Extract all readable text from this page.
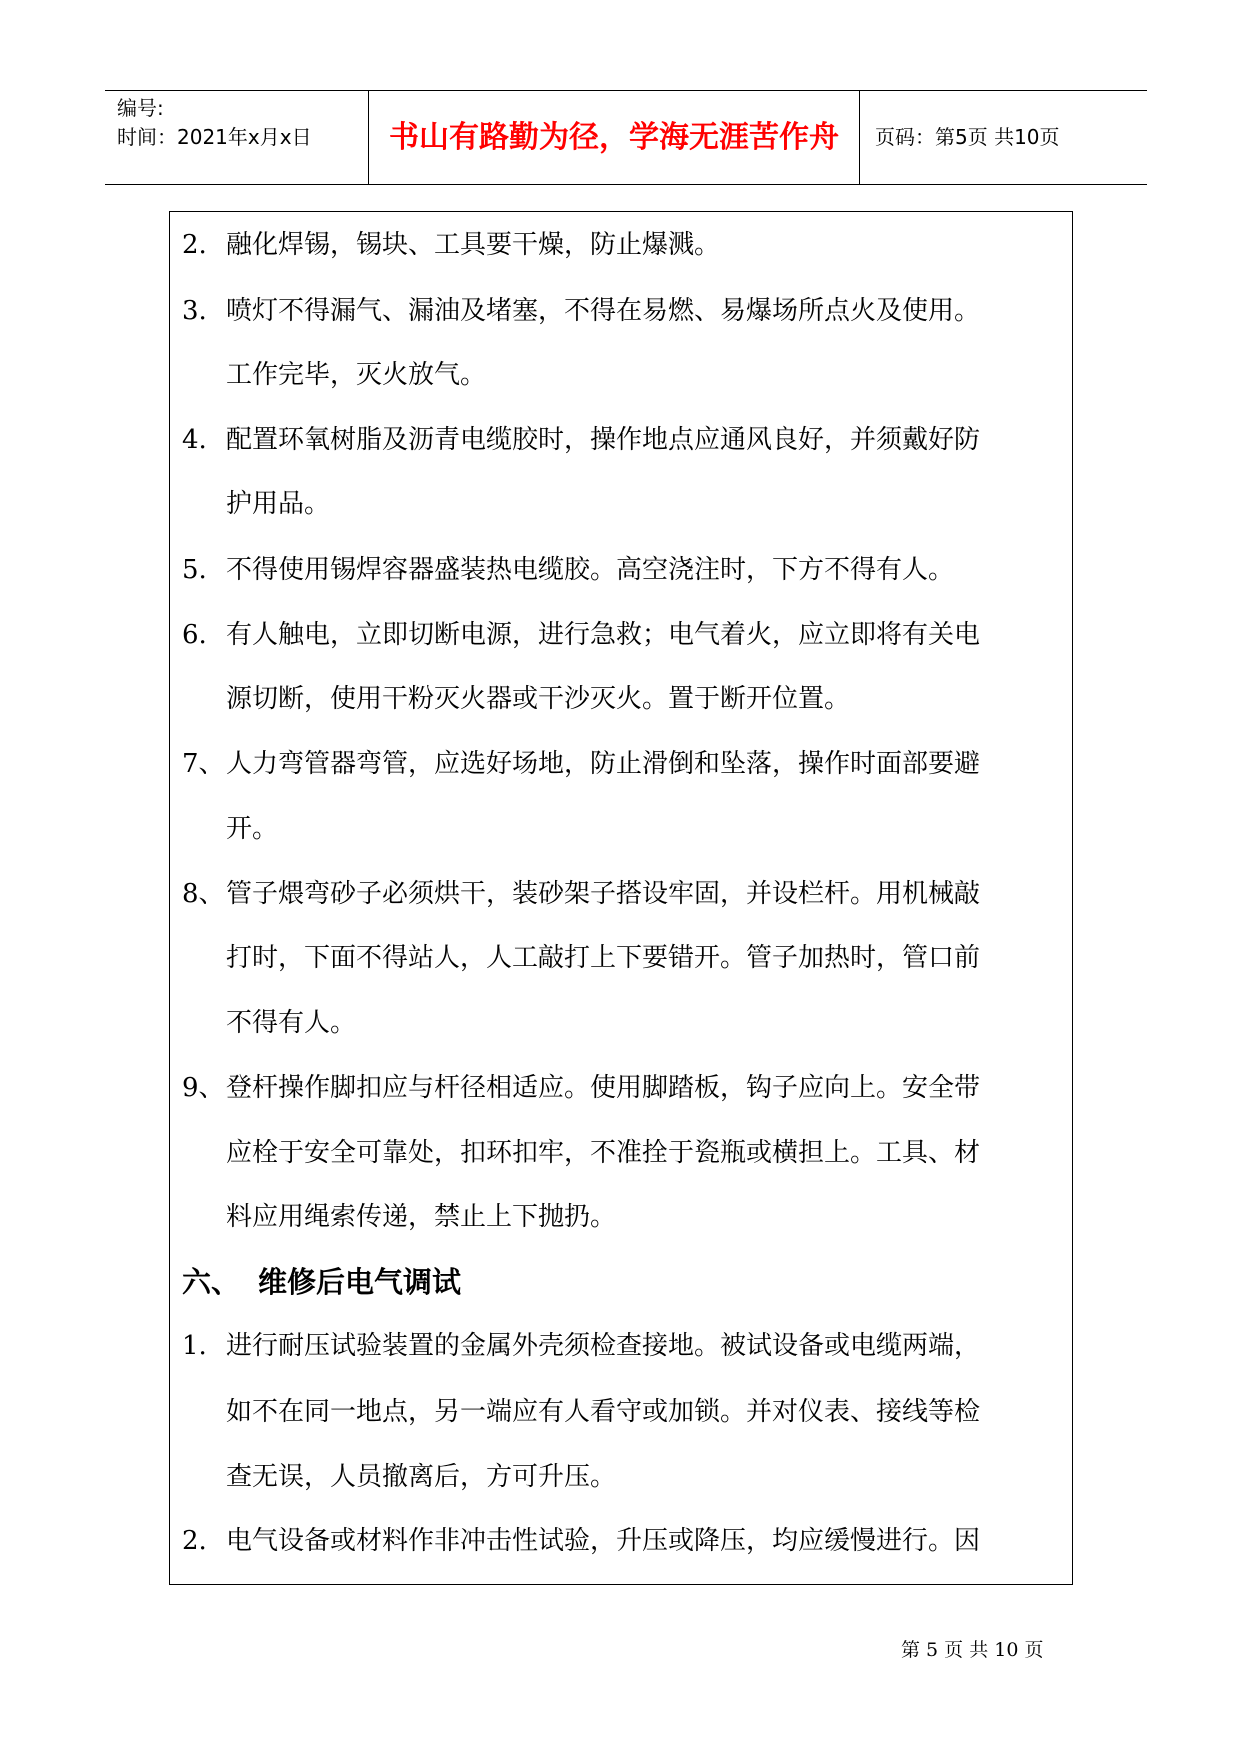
编号:
时间：2021年x月x日	书山有路勤为径，学海无涯苦作舟	页码：第5页 共10页
2. 融化焊锡，锡块、工具要干燥，防止爆溅。
3. 喷灯不得漏气、漏油及堵塞，不得在易燃、易爆场所点火及使用。
工作完毕，灭火放气。
4. 配置环氧树脂及沥青电缆胶时，操作地点应通风良好，并须戴好防
护用品。
5. 不得使用锡焊容器盛装热电缆胶。高空浇注时，下方不得有人。
6. 有人触电，立即切断电源，进行急救；电气着火，应立即将有关电
源切断，使用干粉灭火器或干沙灭火。置于断开位置。
7、人力弯管器弯管，应选好场地，防止滑倒和坠落，操作时面部要避
开。
8、管子煨弯砂子必须烘干，装砂架子搭设牢固，并设栏杆。用机械敲
打时，下面不得站人，人工敲打上下要错开。管子加热时，管口前
不得有人。
9、登杆操作脚扣应与杆径相适应。使用脚踏板，钩子应向上。安全带
应栓于安全可靠处，扣环扣牢，不准拴于瓷瓶或横担上。工具、材
料应用绳索传递，禁止上下抛扔。
六、 维修后电气调试
1. 进行耐压试验装置的金属外壳须检查接地。被试设备或电缆两端，
如不在同一地点，另一端应有人看守或加锁。并对仪表、接线等检
查无误，人员撤离后，方可升压。
2. 电气设备或材料作非冲击性试验，升压或降压，均应缓慢进行。因
第 5 页 共 10 页
